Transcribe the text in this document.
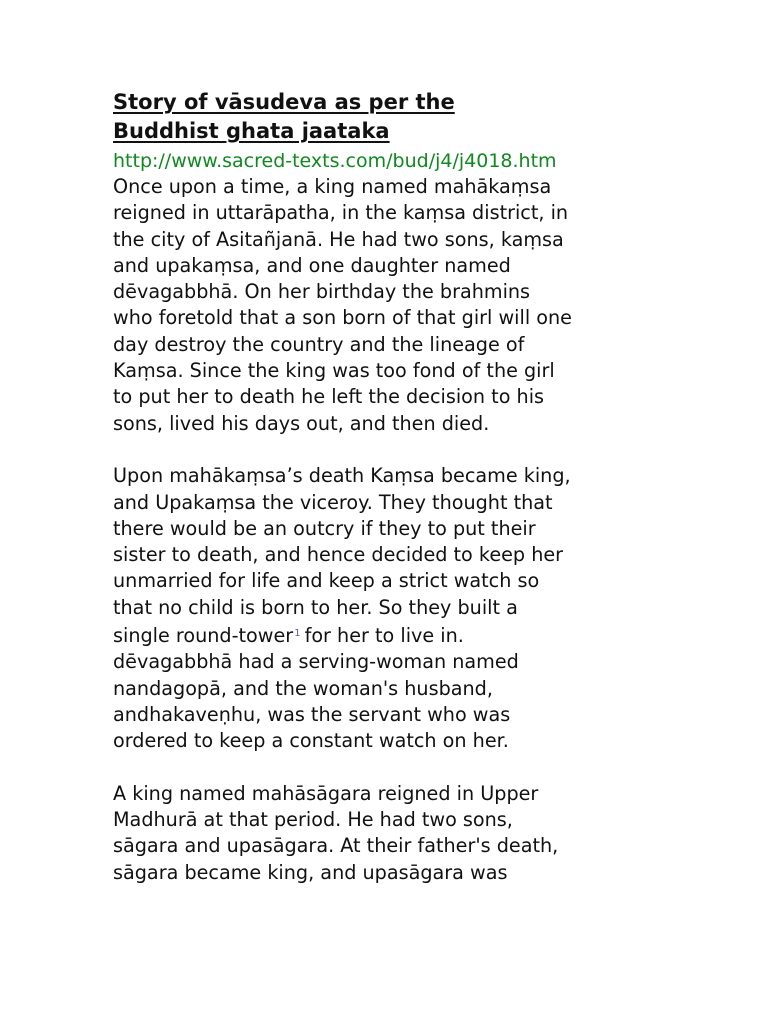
Story of vāsudeva as per the
Buddhist ghata jaataka
http://www.sacred-texts.com/bud/j4/j4018.htm
Once upon a time, a king named mahākaṃsa
reigned in uttarāpatha, in the kaṃsa district, in
the city of Asitañjanā. He had two sons, kaṃsa
and upakaṃsa, and one daughter named
dēvagabbhā. On her birthday the brahmins
who foretold that a son born of that girl will one
day destroy the country and the lineage of
Kaṃsa. Since the king was too fond of the girl
to put her to death he left the decision to his
sons, lived his days out, and then died.
Upon mahākaṃsa’s death Kaṃsa became king,
and Upakaṃsa the viceroy. They thought that
there would be an outcry if they to put their
sister to death, and hence decided to keep her
unmarried for life and keep a strict watch so
that no child is born to her. So they built a
single round-tower$^1$ for her to live in.
dēvagabbhā had a serving-woman named
nandagopā, and the woman's husband,
andhakaveṇhu, was the servant who was
ordered to keep a constant watch on her.
A king named mahāsāgara reigned in Upper
Madhurā at that period. He had two sons,
sāgara and upasāgara. At their father's death,
sāgara became king, and upasāgara was
